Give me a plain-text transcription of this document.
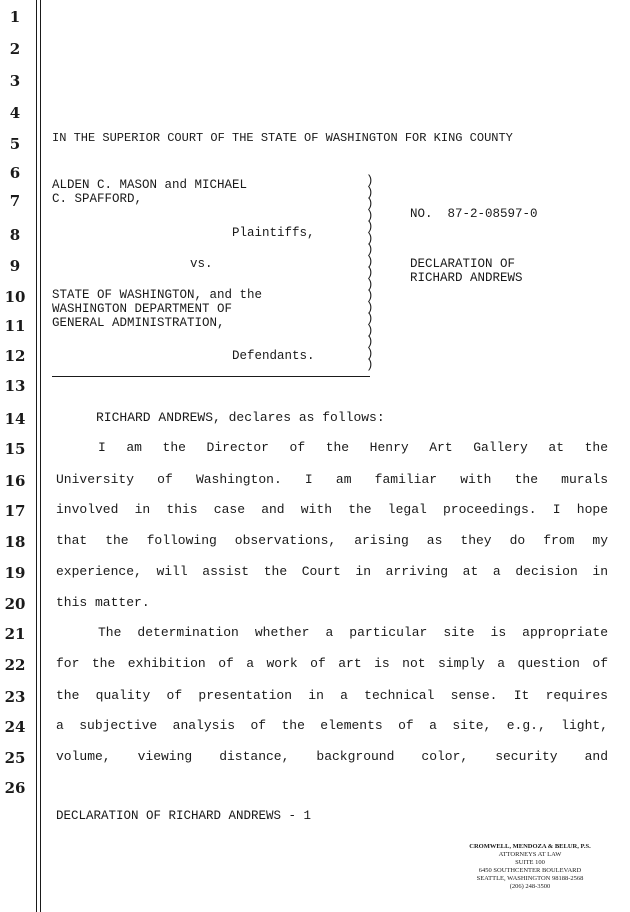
1
2
3
4
5
6
7
8
9
10
11
12
13
14
15
16
17
18
19
20
21
22
23
24
25
26
IN THE SUPERIOR COURT OF THE STATE OF WASHINGTON FOR KING COUNTY
ALDEN C. MASON and MICHAEL
C. SPAFFORD,
Plaintiffs,
vs.
STATE OF WASHINGTON, and the
WASHINGTON DEPARTMENT OF
GENERAL ADMINISTRATION,
Defendants.
)
)
)
)
)
)
)
)
)
)
)
)
)
)
)
)
)
NO.  87-2-08597-0
DECLARATION OF
RICHARD ANDREWS
RICHARD ANDREWS, declares as follows:
I am the Director of the Henry Art Gallery at the
University of Washington. I am familiar with the murals
involved in this case and with the legal proceedings. I hope
that the following observations, arising as they do from my
experience, will assist the Court in arriving at a decision in
this matter.
The determination whether a particular site is appropriate
for the exhibition of a work of art is not simply a question of
the quality of presentation in a technical sense. It requires
a subjective analysis of the elements of a site, e.g., light,
volume, viewing distance, background color, security and
DECLARATION OF RICHARD ANDREWS - 1
CROMWELL, MENDOZA & BELUR, P.S.
ATTORNEYS AT LAW
SUITE 100
6450 SOUTHCENTER BOULEVARD
SEATTLE, WASHINGTON 98188-2568
(206) 248-3500
